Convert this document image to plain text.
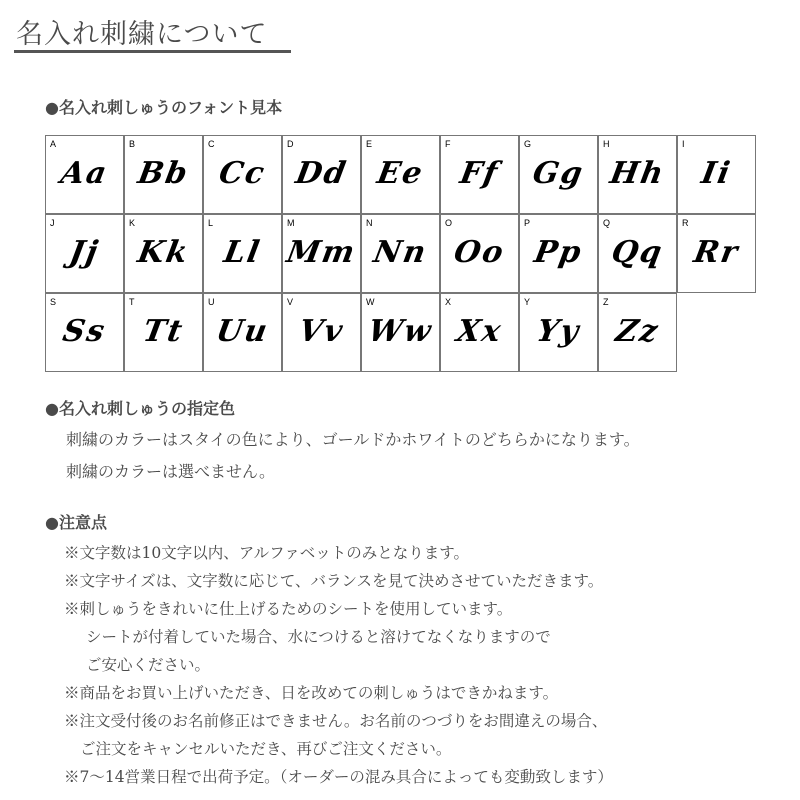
名入れ刺繍について
●名入れ刺しゅうのフォント見本
A
Aa
B
Bb
C
Cc
D
Dd
E
Ee
F
Ff
G
Gg
H
Hh
I
Ii
J
Jj
K
Kk
L
Ll
M
Mm
N
Nn
O
Oo
P
Pp
Q
Qq
R
Rr
S
Ss
T
Tt
U
Uu
V
Vv
W
Ww
X
Xx
Y
Yy
Z
Zz
●名入れ刺しゅうの指定色

刺繍のカラーはスタイの色により、ゴールドかホワイトのどちらかになります。

刺繍のカラーは選べません。

●注意点

※文字数は10文字以内、アルファベットのみとなります。

※文字サイズは、文字数に応じて、バランスを見て決めさせていただきます。

※刺しゅうをきれいに仕上げるためのシートを使用しています。

シートが付着していた場合、水につけると溶けてなくなりますので

ご安心ください。

※商品をお買い上げいただき、日を改めての刺しゅうはできかねます。

※注文受付後のお名前修正はできません。お名前のつづりをお間違えの場合、

ご注文をキャンセルいただき、再びご注文ください。

※7～14営業日程で出荷予定。（オーダーの混み具合によっても変動致します）
